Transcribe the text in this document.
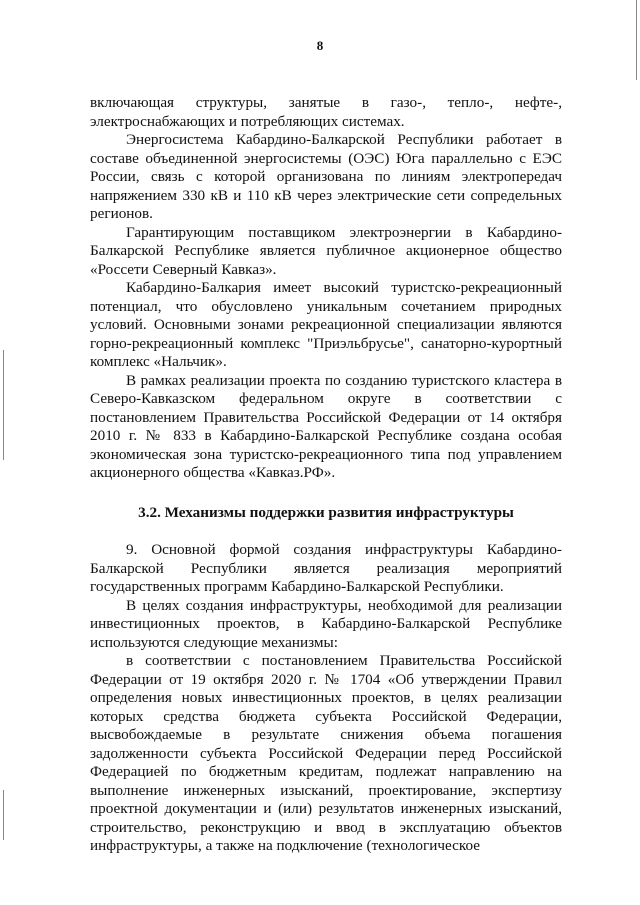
8

включающая структуры, занятые в газо-, тепло-, нефте-, электроснабжающих и потребляющих системах.

Энергосистема Кабардино-Балкарской Республики работает в составе объединенной энергосистемы (ОЭС) Юга параллельно с ЕЭС России, связь с которой организована по линиям электропередач напряжением 330 кВ и 110 кВ через электрические сети сопредельных регионов.

Гарантирующим поставщиком электроэнергии в Кабардино-Балкарской Республике является публичное акционерное общество «Россети Северный Кавказ».

Кабардино-Балкария имеет высокий туристско-рекреационный потенциал, что обусловлено уникальным сочетанием природных условий. Основными зонами рекреационной специализации являются горно-рекреационный комплекс "Приэльбрусье", санаторно-курортный комплекс «Нальчик».

В рамках реализации проекта по созданию туристского кластера в Северо-Кавказском федеральном округе в соответствии с постановлением Правительства Российской Федерации от 14 октября 2010 г. № 833 в Кабардино-Балкарской Республике создана особая экономическая зона туристско-рекреационного типа под управлением акционерного общества «Кавказ.РФ».

3.2. Механизмы поддержки развития инфраструктуры

9. Основной формой создания инфраструктуры Кабардино-Балкарской Республики является реализация мероприятий государственных программ Кабардино-Балкарской Республики.

В целях создания инфраструктуры, необходимой для реализации инвестиционных проектов, в Кабардино-Балкарской Республике используются следующие механизмы:

в соответствии с постановлением Правительства Российской Федерации от 19 октября 2020 г. № 1704 «Об утверждении Правил определения новых инвестиционных проектов, в целях реализации которых средства бюджета субъекта Российской Федерации, высвобождаемые в результате снижения объема погашения задолженности субъекта Российской Федерации перед Российской Федерацией по бюджетным кредитам, подлежат направлению на выполнение инженерных изысканий, проектирование, экспертизу проектной документации и (или) результатов инженерных изысканий, строительство, реконструкцию и ввод в эксплуатацию объектов инфраструктуры, а также на подключение (технологическое
